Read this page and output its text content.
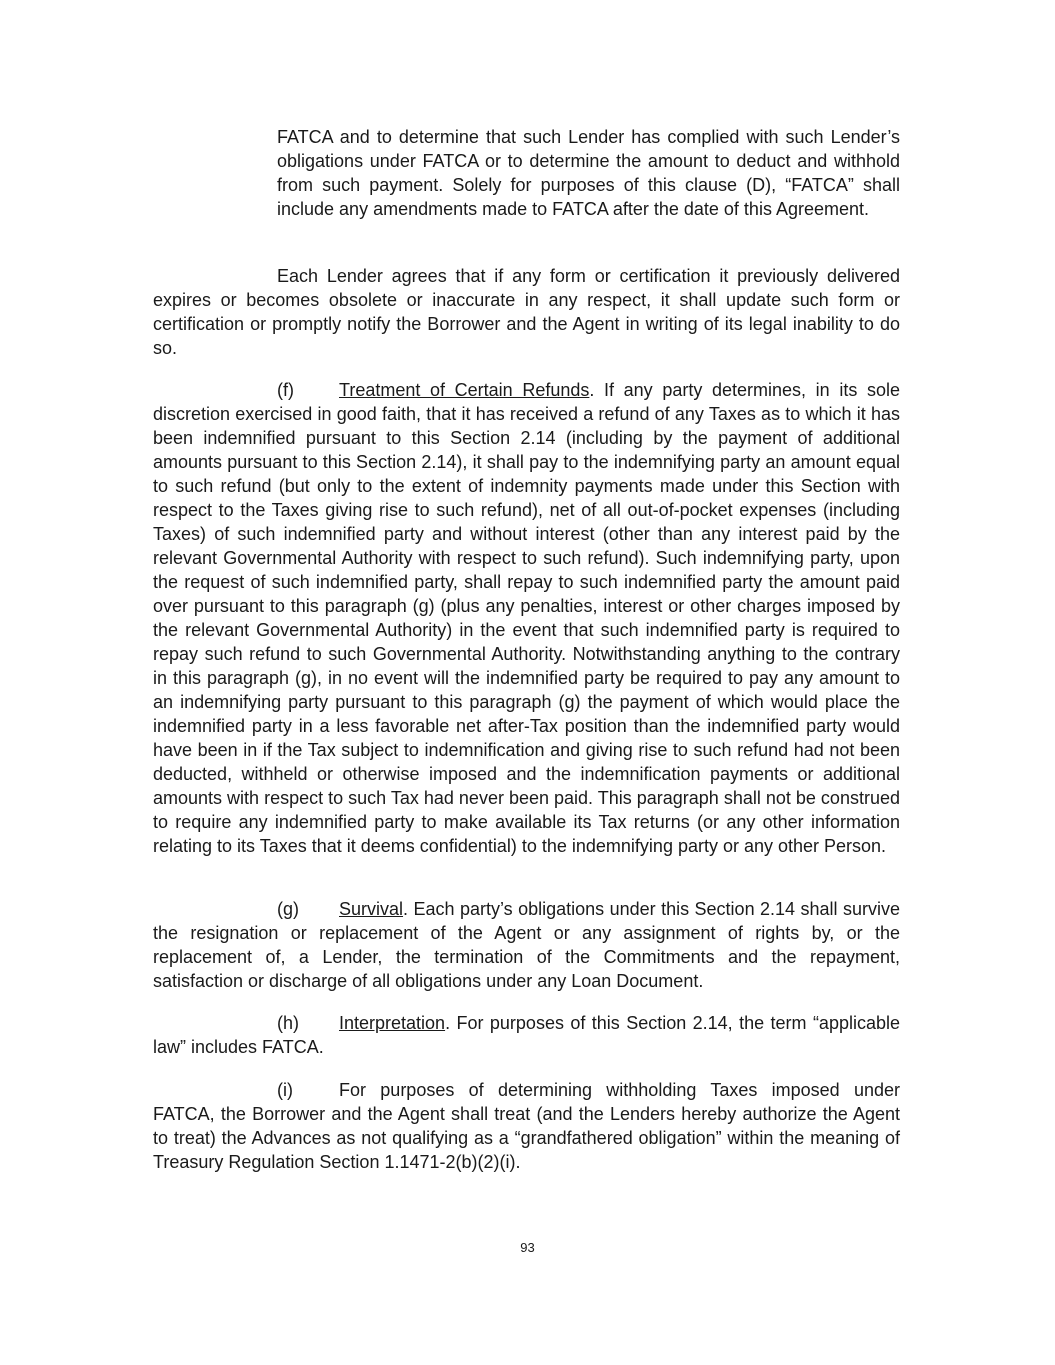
FATCA and to determine that such Lender has complied with such Lender’s obligations under FATCA or to determine the amount to deduct and withhold from such payment. Solely for purposes of this clause (D), “FATCA” shall include any amendments made to FATCA after the date of this Agreement.

Each Lender agrees that if any form or certification it previously delivered expires or becomes obsolete or inaccurate in any respect, it shall update such form or certification or promptly notify the Borrower and the Agent in writing of its legal inability to do so.

(f)	Treatment of Certain Refunds. If any party determines, in its sole discretion exercised in good faith, that it has received a refund of any Taxes as to which it has been indemnified pursuant to this Section 2.14 (including by the payment of additional amounts pursuant to this Section 2.14), it shall pay to the indemnifying party an amount equal to such refund (but only to the extent of indemnity payments made under this Section with respect to the Taxes giving rise to such refund), net of all out-of-pocket expenses (including Taxes) of such indemnified party and without interest (other than any interest paid by the relevant Governmental Authority with respect to such refund). Such indemnifying party, upon the request of such indemnified party, shall repay to such indemnified party the amount paid over pursuant to this paragraph (g) (plus any penalties, interest or other charges imposed by the relevant Governmental Authority) in the event that such indemnified party is required to repay such refund to such Governmental Authority. Notwithstanding anything to the contrary in this paragraph (g), in no event will the indemnified party be required to pay any amount to an indemnifying party pursuant to this paragraph (g) the payment of which would place the indemnified party in a less favorable net after-Tax position than the indemnified party would have been in if the Tax subject to indemnification and giving rise to such refund had not been deducted, withheld or otherwise imposed and the indemnification payments or additional amounts with respect to such Tax had never been paid. This paragraph shall not be construed to require any indemnified party to make available its Tax returns (or any other information relating to its Taxes that it deems confidential) to the indemnifying party or any other Person.

(g) Survival. Each party’s obligations under this Section 2.14 shall survive the resignation or replacement of the Agent or any assignment of rights by, or the replacement of, a Lender, the termination of the Commitments and the repayment, satisfaction or discharge of all obligations under any Loan Document.

(h) Interpretation. For purposes of this Section 2.14, the term “applicable law” includes FATCA.

(i)	For purposes of determining withholding Taxes imposed under FATCA, the Borrower and the Agent shall treat (and the Lenders hereby authorize the Agent to treat) the Advances as not qualifying as a “grandfathered obligation” within the meaning of Treasury Regulation Section 1.1471-2(b)(2)(i).

93
